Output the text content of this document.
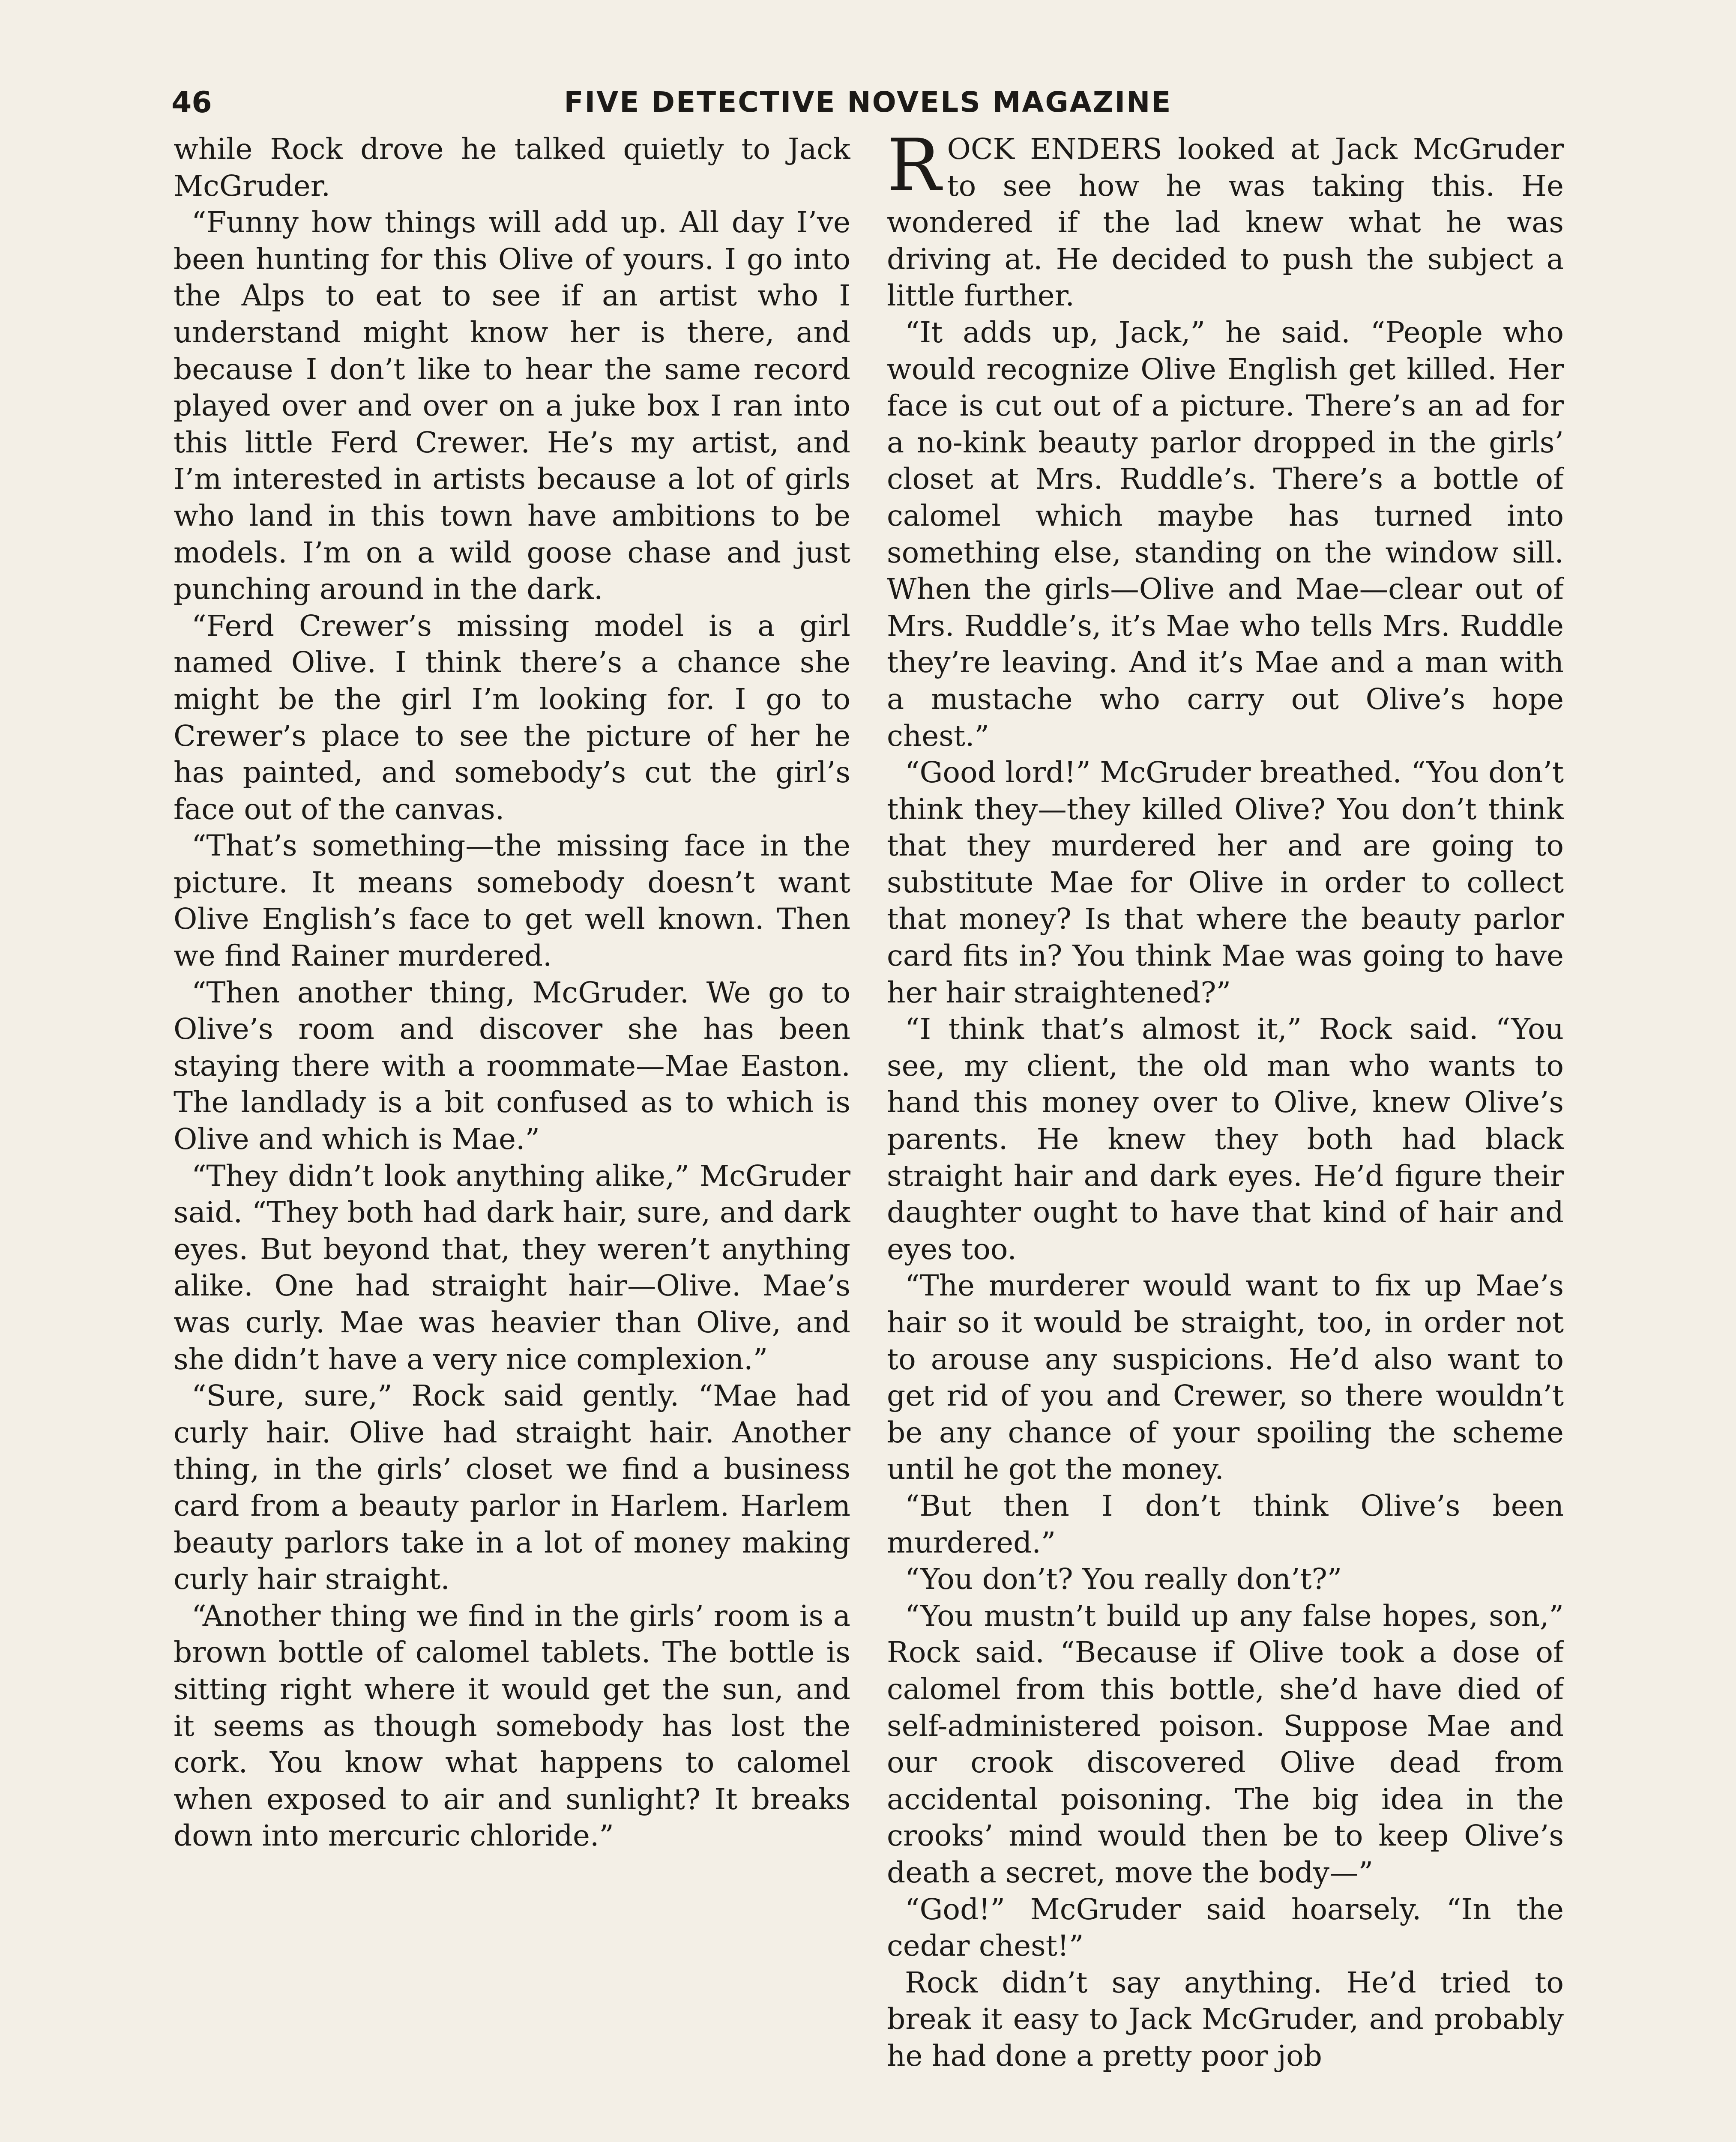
46	FIVE DETECTIVE NOVELS MAGAZINE

while Rock drove he talked quietly to Jack McGruder.

“Funny how things will add up. All day I’ve been hunting for this Olive of yours. I go into the Alps to eat to see if an artist who I understand might know her is there, and because I don’t like to hear the same record played over and over on a juke box I ran into this little Ferd Crewer. He’s my artist, and I’m interested in artists because a lot of girls who land in this town have ambitions to be models. I’m on a wild goose chase and just punching around in the dark.

“Ferd Crewer’s missing model is a girl named Olive. I think there’s a chance she might be the girl I’m looking for. I go to Crewer’s place to see the picture of her he has painted, and somebody’s cut the girl’s face out of the canvas.

“That’s something—the missing face in the picture. It means somebody doesn’t want Olive English’s face to get well known. Then we find Rainer murdered.

“Then another thing, McGruder. We go to Olive’s room and discover she has been staying there with a roommate—Mae Easton. The landlady is a bit confused as to which is Olive and which is Mae.”

“They didn’t look anything alike,” McGruder said. “They both had dark hair, sure, and dark eyes. But beyond that, they weren’t anything alike. One had straight hair—Olive. Mae’s was curly. Mae was heavier than Olive, and she didn’t have a very nice complexion.”

“Sure, sure,” Rock said gently. “Mae had curly hair. Olive had straight hair. Another thing, in the girls’ closet we find a business card from a beauty parlor in Harlem. Harlem beauty parlors take in a lot of money making curly hair straight.

“Another thing we find in the girls’ room is a brown bottle of calomel tablets. The bottle is sitting right where it would get the sun, and it seems as though somebody has lost the cork. You know what happens to calomel when exposed to air and sunlight? It breaks down into mercuric chloride.”

ROCK ENDERS looked at Jack McGruder to see how he was taking this. He wondered if the lad knew what he was driving at. He decided to push the subject a little further.

“It adds up, Jack,” he said. “People who would recognize Olive English get killed. Her face is cut out of a picture. There’s an ad for a no-kink beauty parlor dropped in the girls’ closet at Mrs. Ruddle’s. There’s a bottle of calomel which maybe has turned into something else, standing on the window sill. When the girls—Olive and Mae—clear out of Mrs. Ruddle’s, it’s Mae who tells Mrs. Ruddle they’re leaving. And it’s Mae and a man with a mustache who carry out Olive’s hope chest.”

“Good lord!” McGruder breathed. “You don’t think they—they killed Olive? You don’t think that they murdered her and are going to substitute Mae for Olive in order to collect that money? Is that where the beauty parlor card fits in? You think Mae was going to have her hair straightened?”

“I think that’s almost it,” Rock said. “You see, my client, the old man who wants to hand this money over to Olive, knew Olive’s parents. He knew they both had black straight hair and dark eyes. He’d figure their daughter ought to have that kind of hair and eyes too.

“The murderer would want to fix up Mae’s hair so it would be straight, too, in order not to arouse any suspicions. He’d also want to get rid of you and Crewer, so there wouldn’t be any chance of your spoiling the scheme until he got the money.

“But then I don’t think Olive’s been murdered.”

“You don’t? You really don’t?”

“You mustn’t build up any false hopes, son,” Rock said. “Because if Olive took a dose of calomel from this bottle, she’d have died of self-administered poison. Suppose Mae and our crook discovered Olive dead from accidental poisoning. The big idea in the crooks’ mind would then be to keep Olive’s death a secret, move the body—”

“God!” McGruder said hoarsely. “In the cedar chest!”

Rock didn’t say anything. He’d tried to break it easy to Jack McGruder, and probably he had done a pretty poor job
